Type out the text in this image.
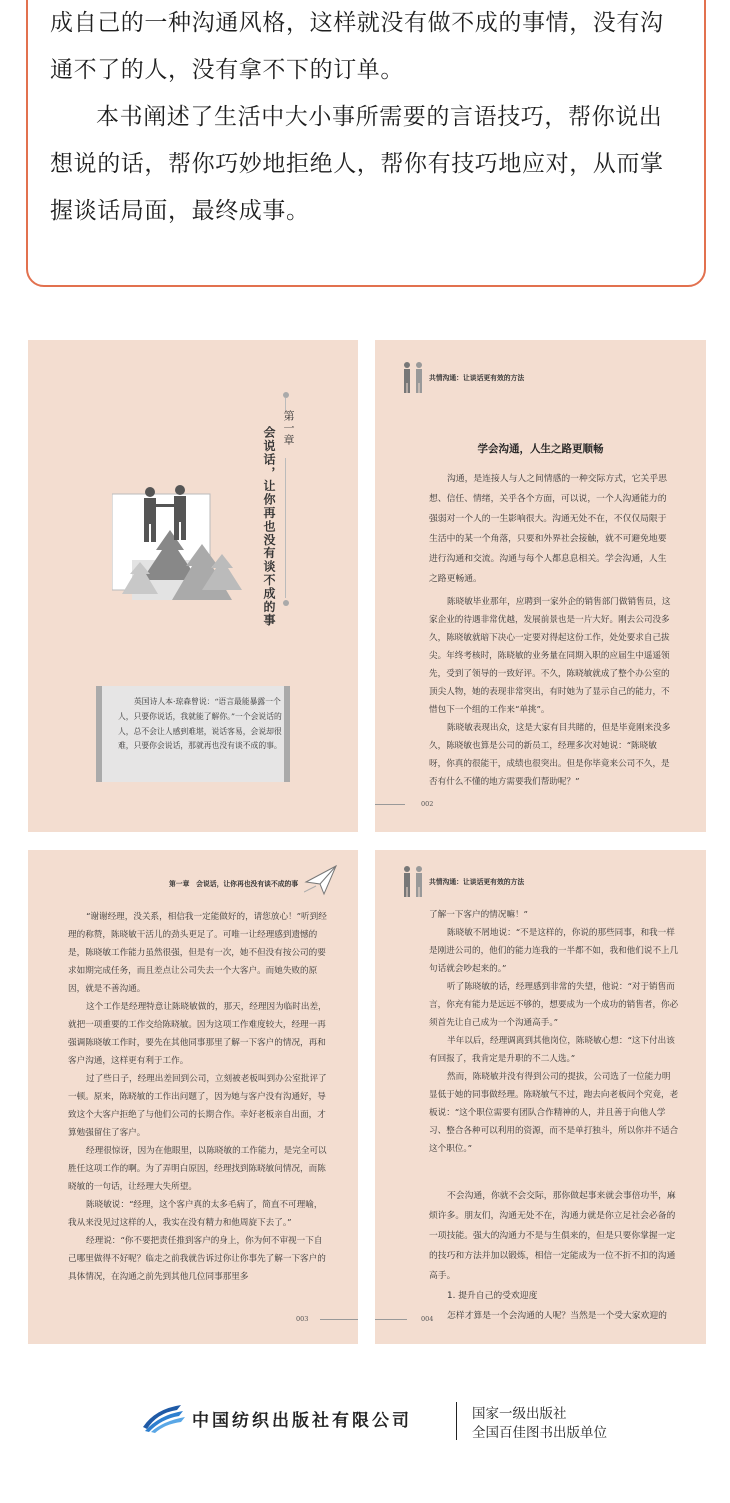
成自己的一种沟通风格，这样就没有做不成的事情，没有沟通不了的人，没有拿不下的订单。

本书阐述了生活中大小事所需要的言语技巧，帮你说出想说的话，帮你巧妙地拒绝人，帮你有技巧地应对，从而掌握谈话局面，最终成事。

第一章
会说话，让你再也没有谈不成的事
英国诗人本·琼森曾说：“语言最能暴露一个人，只要你说话，我就能了解你。”一个会说话的人，总不会让人感到难堪，说话客易，会说却很难，只要你会说话，那就再也没有谈不成的事。
共情沟通：让谈话更有效的方法
学会沟通，人生之路更顺畅

沟通，是连接人与人之间情感的一种交际方式，它关乎思想、信任、情绪，关乎各个方面，可以说，一个人沟通能力的强弱对一个人的一生影响很大。沟通无处不在，不仅仅局限于生活中的某一个角落，只要和外界社会接触，就不可避免地要进行沟通和交流。沟通与每个人都息息相关。学会沟通，人生之路更畅通。

陈晓敏毕业那年，应聘到一家外企的销售部门做销售员，这家企业的待遇非常优越，发展前景也是一片大好。刚去公司没多久，陈晓敏就暗下决心一定要对得起这份工作，处处要求自己拔尖。年终考核时，陈晓敏的业务量在同期入职的应届生中遥遥领先，受到了领导的一致好评。不久，陈晓敏就成了整个办公室的顶尖人物，她的表现非常突出，有时她为了显示自己的能力，不惜包下一个组的工作来“单挑”。

陈晓敏表现出众，这是大家有目共睹的，但是毕竟刚来没多久，陈晓敏也算是公司的新员工，经理多次对她说：“陈晓敏呀，你真的很能干，成绩也很突出。但是你毕竟来公司不久，是否有什么不懂的地方需要我们帮助呢？”

002
第一章　会说话，让你再也没有谈不成的事

“谢谢经理，没关系，相信我一定能做好的，请您放心！”听到经理的称赞，陈晓敏干活儿的劲头更足了。可唯一让经理感到遗憾的是，陈晓敏工作能力虽然很强，但是有一次，她不但没有按公司的要求如期完成任务，而且差点让公司失去一个大客户。而她失败的原因，就是不善沟通。

这个工作是经理特意让陈晓敏做的，那天，经理因为临时出差，就把一项重要的工作交给陈晓敏。因为这项工作难度较大，经理一再强调陈晓敏工作时，要先在其他同事那里了解一下客户的情况，再和客户沟通，这样更有利于工作。

过了些日子，经理出差回到公司，立刻被老板叫到办公室批评了一顿。原来，陈晓敏的工作出问题了，因为她与客户没有沟通好，导致这个大客户拒绝了与他们公司的长期合作。幸好老板亲自出面，才算勉强留住了客户。

经理很惊讶，因为在他眼里，以陈晓敏的工作能力，是完全可以胜任这项工作的啊。为了弄明白原因，经理找到陈晓敏问情况，而陈晓敏的一句话，让经理大失所望。

陈晓敏说：“经理，这个客户真的太多毛病了，简直不可理喻，我从来没见过这样的人，我实在没有精力和他周旋下去了。”

经理说：“你不要把责任推到客户的身上，你为何不审视一下自己哪里做得不好呢？临走之前我就告诉过你让你事先了解一下客户的具体情况，在沟通之前先到其他几位同事那里多

003
共情沟通：让谈话更有效的方法

了解一下客户的情况嘛！”

陈晓敏不屑地说：“不是这样的，你说的那些同事，和我一样是刚进公司的，他们的能力连我的一半都不如，我和他们说不上几句话就会吵起来的。”

听了陈晓敏的话，经理感到非常的失望，他说：“对于销售而言，你充有能力是远远不够的，想要成为一个成功的销售者，你必须首先让自己成为一个沟通高手。”

半年以后，经理调离到其他岗位，陈晓敏心想：“这下付出该有回报了，我肯定是升职的不二人选。”

然而，陈晓敏并没有得到公司的提拔，公司选了一位能力明显低于她的同事做经理。陈晓敏气不过，跑去向老板问个究竟，老板说：“这个职位需要有团队合作精神的人，并且善于向他人学习、整合各种可以利用的资源，而不是单打独斗，所以你并不适合这个职位。”

不会沟通，你就不会交际，那你做起事来就会事倍功半，麻烦许多。朋友们，沟通无处不在，沟通力就是你立足社会必备的一项技能。强大的沟通力不是与生俱来的，但是只要你掌握一定的技巧和方法并加以锻炼，相信一定能成为一位不折不扣的沟通高手。

1. 提升自己的受欢迎度

怎样才算是一个会沟通的人呢？当然是一个受大家欢迎的

004
中国纺织出版社有限公司	国家一级出版社
全国百佳图书出版单位
